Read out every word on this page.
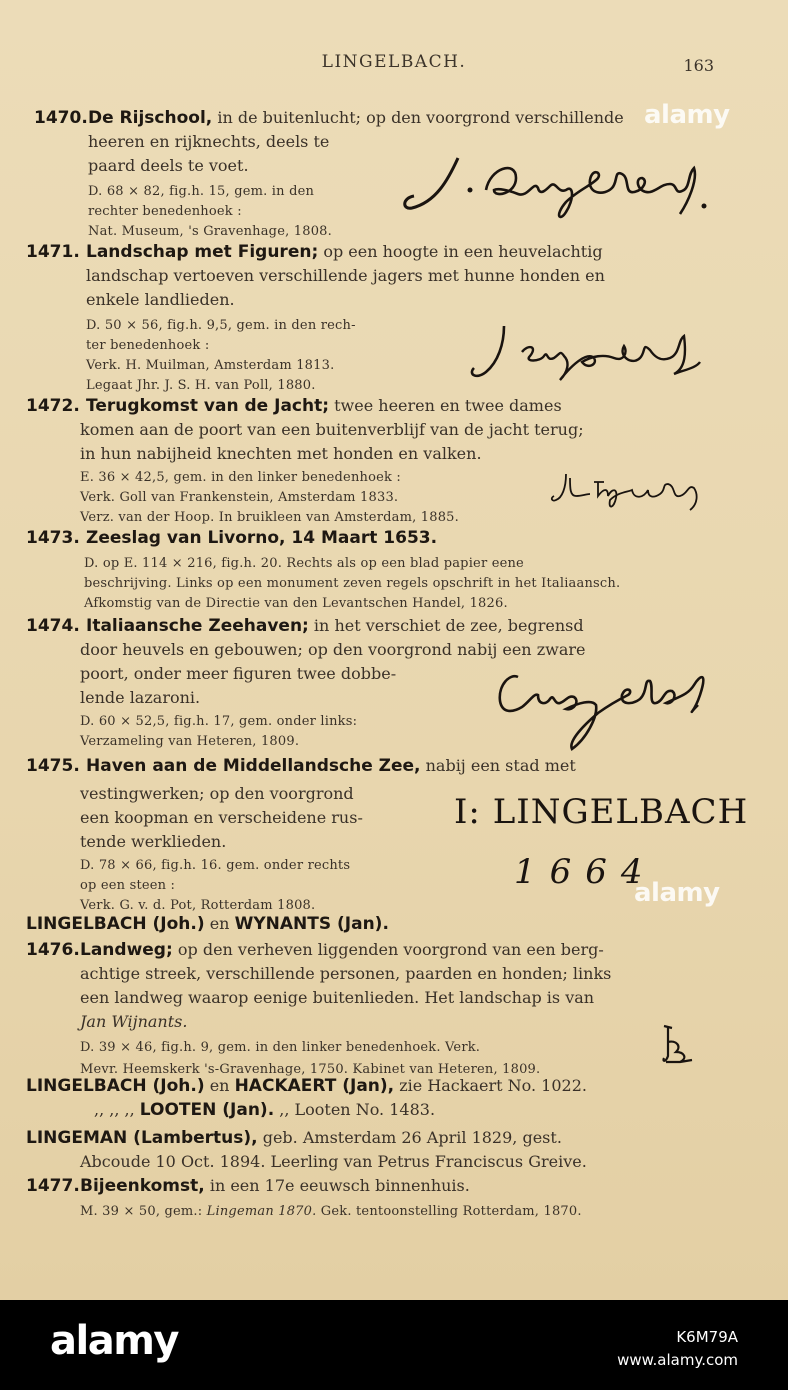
LINGELBACH.	163
1470. De Rijschool, in de buitenlucht; op den voorgrond verschillende
heeren en rijknechts, deels te
paard deels te voet.
D. 68 × 82, fig.h. 15, gem. in den
rechter benedenhoek :
Nat. Museum, 's Gravenhage, 1808.
1471. Landschap met Figuren; op een hoogte in een heuvelachtig
landschap vertoeven verschillende jagers met hunne honden en
enkele landlieden.
D. 50 × 56, fig.h. 9,5, gem. in den rech-
ter benedenhoek :
Verk. H. Muilman, Amsterdam 1813.
Legaat Jhr. J. S. H. van Poll, 1880.
1472. Terugkomst van de Jacht; twee heeren en twee dames
komen aan de poort van een buitenverblijf van de jacht terug;
in hun nabijheid knechten met honden en valken.
E. 36 × 42,5, gem. in den linker benedenhoek :
Verk. Goll van Frankenstein, Amsterdam 1833.
Verz. van der Hoop. In bruikleen van Amsterdam, 1885.
1473. Zeeslag van Livorno, 14 Maart 1653.
D. op E. 114 × 216, fig.h. 20. Rechts als op een blad papier eene
beschrijving. Links op een monument zeven regels opschrift in het Italiaansch.
Afkomstig van de Directie van den Levantschen Handel, 1826.
1474. Italiaansche Zeehaven; in het verschiet de zee, begrensd
door heuvels en gebouwen; op den voorgrond nabij een zware
poort, onder meer figuren twee dobbe-
lende lazaroni.
D. 60 × 52,5, fig.h. 17, gem. onder links:
Verzameling van Heteren, 1809.
1475. Haven aan de Middellandsche Zee, nabij een stad met
vestingwerken; op den voorgrond
een koopman en verscheidene rus-
tende werklieden.
D. 78 × 66, fig.h. 16. gem. onder rechts
op een steen :
Verk. G. v. d. Pot, Rotterdam 1808.
LINGELBACH (Joh.) en WYNANTS (Jan).
1476. Landweg; op den verheven liggenden voorgrond van een berg-
achtige streek, verschillende personen, paarden en honden; links
een landweg waarop eenige buitenlieden. Het landschap is van
Jan Wijnants.
D. 39 × 46, fig.h. 9, gem. in den linker benedenhoek. Verk.
Mevr. Heemskerk 's-Gravenhage, 1750. Kabinet van Heteren, 1809.
LINGELBACH (Joh.) en HACKAERT (Jan), zie Hackaert No. 1022.
,, ,, ,, LOOTEN (Jan). ,, Looten No. 1483.
LINGEMAN (Lambertus), geb. Amsterdam 26 April 1829, gest.
Abcoude 10 Oct. 1894. Leerling van Petrus Franciscus Greive.
1477. Bijeenkomst, in een 17e eeuwsch binnenhuis.
M. 39 × 50, gem.: Lingeman 1870. Gek. tentoonstelling Rotterdam, 1870.
I: LINGELBACH
1664
alamy
alamy
alamy	K6M79A
www.alamy.com
